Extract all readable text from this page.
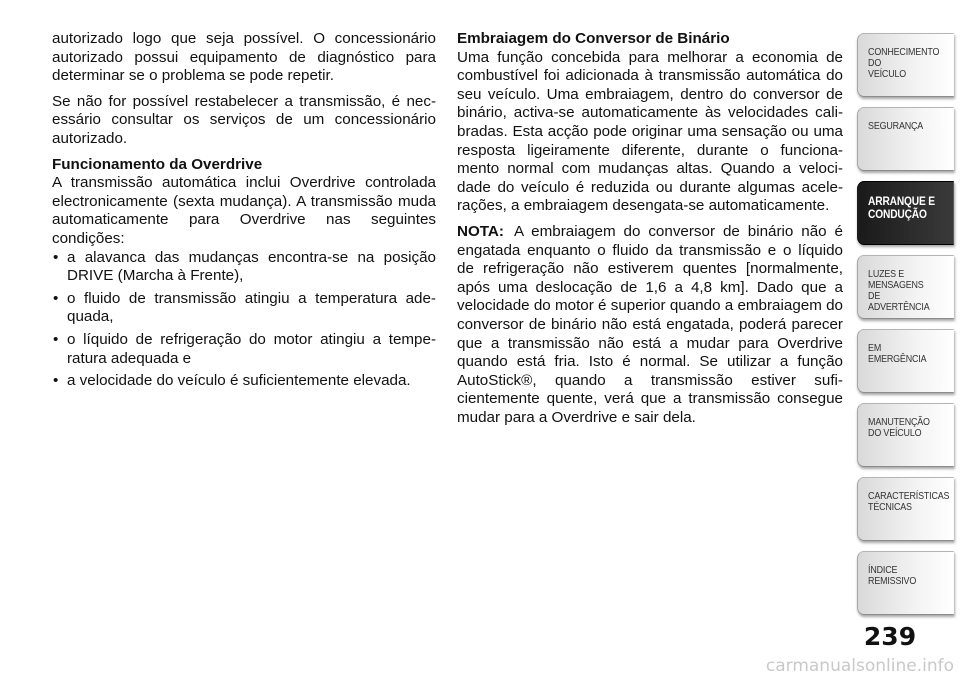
autorizado logo que seja possível. O concessionário autorizado possui equipamento de diagnóstico para determinar se o problema se pode repetir.

Se não for possível restabelecer a transmissão, é nec-essário consultar os serviços de um concessionário autorizado.

Funcionamento da Overdrive

A transmissão automática inclui Overdrive controlada electronicamente (sexta mudança). A transmissão muda automaticamente para Overdrive nas seguintes condições:

• a alavanca das mudanças encontra-se na posição DRIVE (Marcha à Frente),
• o fluido de transmissão atingiu a temperatura ade-quada,
• o líquido de refrigeração do motor atingiu a tempe-ratura adequada e
• a velocidade do veículo é suficientemente elevada.
Embraiagem do Conversor de Binário

Uma função concebida para melhorar a economia de combustível foi adicionada à transmissão automática do seu veículo. Uma embraiagem, dentro do conversor de binário, activa-se automaticamente às velocidades cali-bradas. Esta acção pode originar uma sensação ou uma resposta ligeiramente diferente, durante o funciona-mento normal com mudanças altas. Quando a veloci-dade do veículo é reduzida ou durante algumas acele-rações, a embraiagem desengata-se automaticamente.

NOTA: A embraiagem do conversor de binário não é engatada enquanto o fluido da transmissão e o líquido de refrigeração não estiverem quentes [normalmente, após uma deslocação de 1,6 a 4,8 km]. Dado que a velocidade do motor é superior quando a embraiagem do conversor de binário não está engatada, poderá parecer que a transmissão não está a mudar para Overdrive quando está fria. Isto é normal. Se utilizar a função AutoStick®, quando a transmissão estiver sufi-cientemente quente, verá que a transmissão consegue mudar para a Overdrive e sair dela.

CONHECIMENTO
DO
VEÍCULO
SEGURANÇA
ARRANQUE E
CONDUÇÃO
LUZES E
MENSAGENS
DE
ADVERTÊNCIA
EM
EMERGÊNCIA
MANUTENÇÃO
DO VEÍCULO
CARACTERÍSTICAS
TÉCNICAS
ÍNDICE
REMISSIVO
239
carmanualsonline.info
